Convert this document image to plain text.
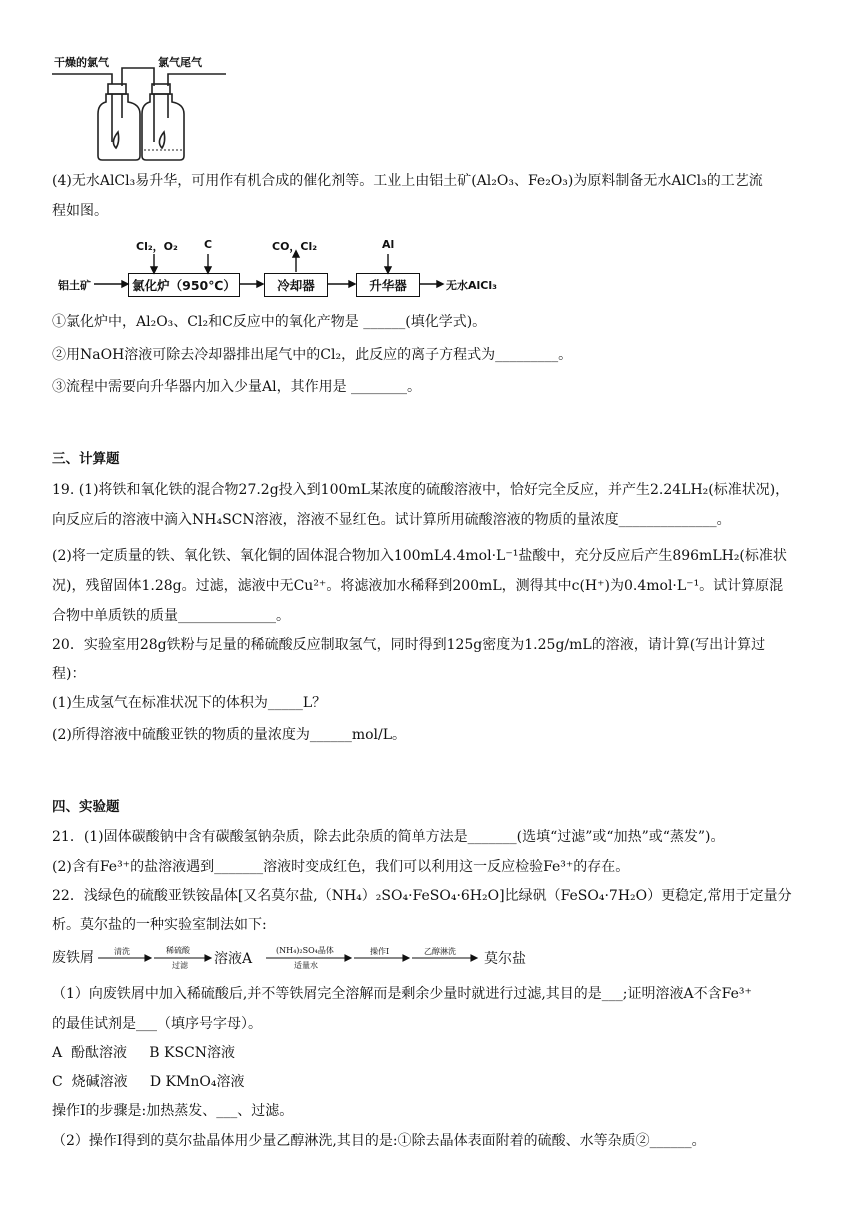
干燥的氯气	氯气尾气
(4)无水AlCl₃易升华，可用作有机合成的催化剂等。工业上由铝土矿(Al₂O₃、Fe₂O₃)为原料制备无水AlCl₃的工艺流
程如图。
铝土矿
Cl₂，O₂ C
氯化炉（950℃）
CO，Cl₂
冷却器
Al
升华器	无水AlCl₃
①氯化炉中，Al₂O₃、Cl₂和C反应中的氧化产物是 ______(填化学式)。
②用NaOH溶液可除去冷却器排出尾气中的Cl₂，此反应的离子方程式为_________。
③流程中需要向升华器内加入少量Al，其作用是 ________。
三、计算题
19. (1)将铁和氧化铁的混合物27.2g投入到100mL某浓度的硫酸溶液中，恰好完全反应，并产生2.24LH₂(标准状况)，
向反应后的溶液中滴入NH₄SCN溶液，溶液不显红色。试计算所用硫酸溶液的物质的量浓度______________。
(2)将一定质量的铁、氧化铁、氧化铜的固体混合物加入100mL4.4mol·L⁻¹盐酸中，充分反应后产生896mLH₂(标准状
况)，残留固体1.28g。过滤，滤液中无Cu²⁺。将滤液加水稀释到200mL，测得其中c(H⁺)为0.4mol·L⁻¹。试计算原混
合物中单质铁的质量______________。
20．实验室用28g铁粉与足量的稀硫酸反应制取氢气，同时得到125g密度为1.25g/mL的溶液，请计算(写出计算过
程)：
(1)生成氢气在标准状况下的体积为_____L？
(2)所得溶液中硫酸亚铁的物质的量浓度为______mol/L。
四、实验题
21．(1)固体碳酸钠中含有碳酸氢钠杂质，除去此杂质的简单方法是_______(选填“过滤”或“加热”或“蒸发”)。
(2)含有Fe³⁺的盐溶液遇到_______溶液时变成红色，我们可以利用这一反应检验Fe³⁺的存在。
22．浅绿色的硫酸亚铁铵晶体[又名莫尔盐,（NH₄）₂SO₄·FeSO₄·6H₂O]比绿矾（FeSO₄·7H₂O）更稳定,常用于定量分
析。莫尔盐的一种实验室制法如下:
废铁屑	清洗	稀硫酸
过滤 溶液A
(NH₄)₂SO₄晶体
适量水
操作Ⅰ	乙醇淋洗 莫尔盐
（1）向废铁屑中加入稀硫酸后,并不等铁屑完全溶解而是剩余少量时就进行过滤,其目的是___;证明溶液A不含Fe³⁺
的最佳试剂是___（填序号字母）。
A  酚酞溶液     B KSCN溶液
C  烧碱溶液     D KMnO₄溶液
操作Ⅰ的步骤是:加热蒸发、___、过滤。
（2）操作Ⅰ得到的莫尔盐晶体用少量乙醇淋洗,其目的是:①除去晶体表面附着的硫酸、水等杂质②______。
